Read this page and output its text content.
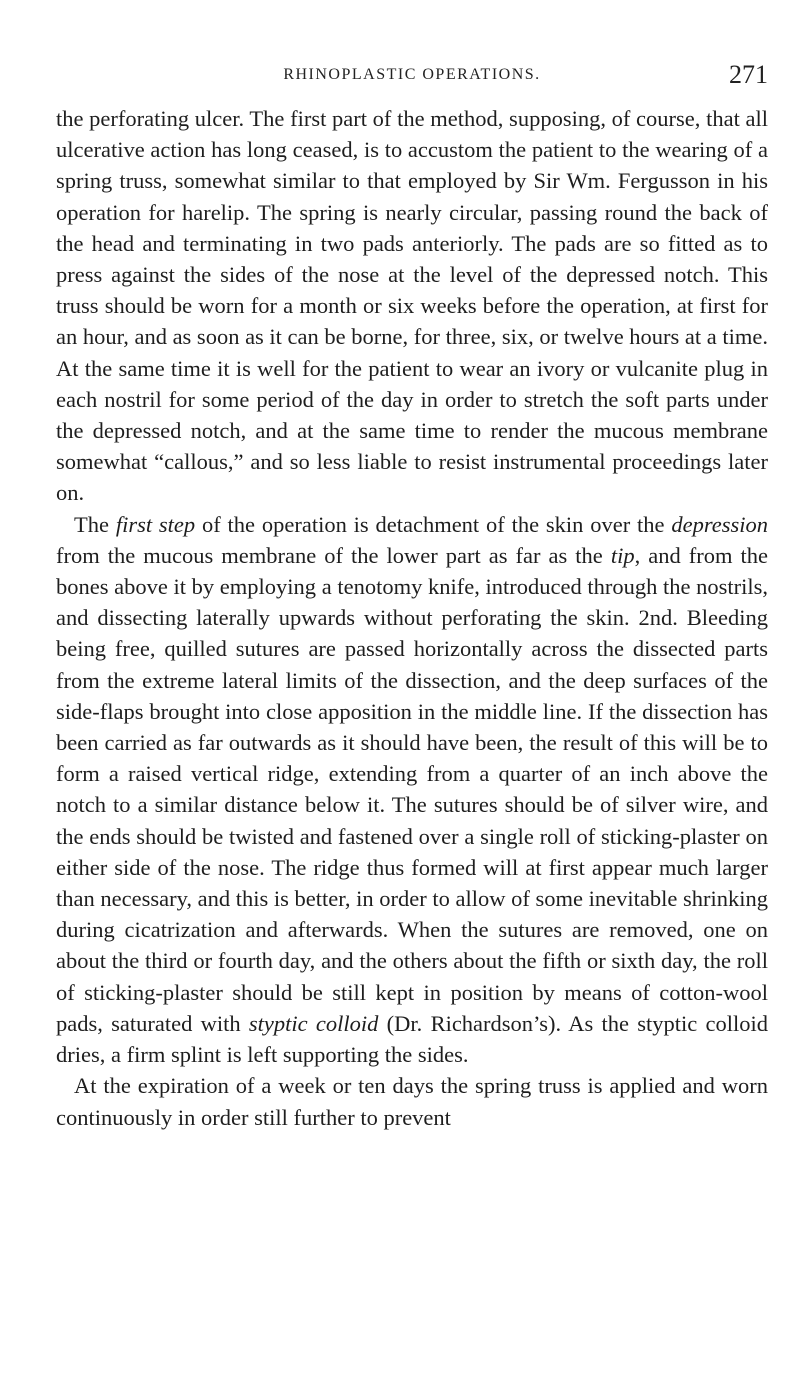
RHINOPLASTIC OPERATIONS.	271

the perforating ulcer. The first part of the method, supposing, of course, that all ulcerative action has long ceased, is to accustom the patient to the wearing of a spring truss, somewhat similar to that employed by Sir Wm. Fergusson in his operation for harelip. The spring is nearly circular, passing round the back of the head and terminating in two pads anteriorly. The pads are so fitted as to press against the sides of the nose at the level of the depressed notch. This truss should be worn for a month or six weeks before the operation, at first for an hour, and as soon as it can be borne, for three, six, or twelve hours at a time. At the same time it is well for the patient to wear an ivory or vulcanite plug in each nostril for some period of the day in order to stretch the soft parts under the depressed notch, and at the same time to render the mucous membrane somewhat “callous,” and so less liable to resist instrumental proceedings later on.

The first step of the operation is detachment of the skin over the depression from the mucous membrane of the lower part as far as the tip, and from the bones above it by employing a tenotomy knife, introduced through the nostrils, and dissecting laterally upwards without perforating the skin. 2nd. Bleeding being free, quilled sutures are passed horizontally across the dissected parts from the extreme lateral limits of the dissection, and the deep surfaces of the side-flaps brought into close apposition in the middle line. If the dissection has been carried as far outwards as it should have been, the result of this will be to form a raised vertical ridge, extending from a quarter of an inch above the notch to a similar distance below it. The sutures should be of silver wire, and the ends should be twisted and fastened over a single roll of sticking-plaster on either side of the nose. The ridge thus formed will at first appear much larger than necessary, and this is better, in order to allow of some inevitable shrinking during cicatrization and afterwards. When the sutures are removed, one on about the third or fourth day, and the others about the fifth or sixth day, the roll of sticking-plaster should be still kept in position by means of cotton-wool pads, saturated with styptic colloid (Dr. Richardson’s). As the styptic colloid dries, a firm splint is left supporting the sides.

At the expiration of a week or ten days the spring truss is applied and worn continuously in order still further to prevent
